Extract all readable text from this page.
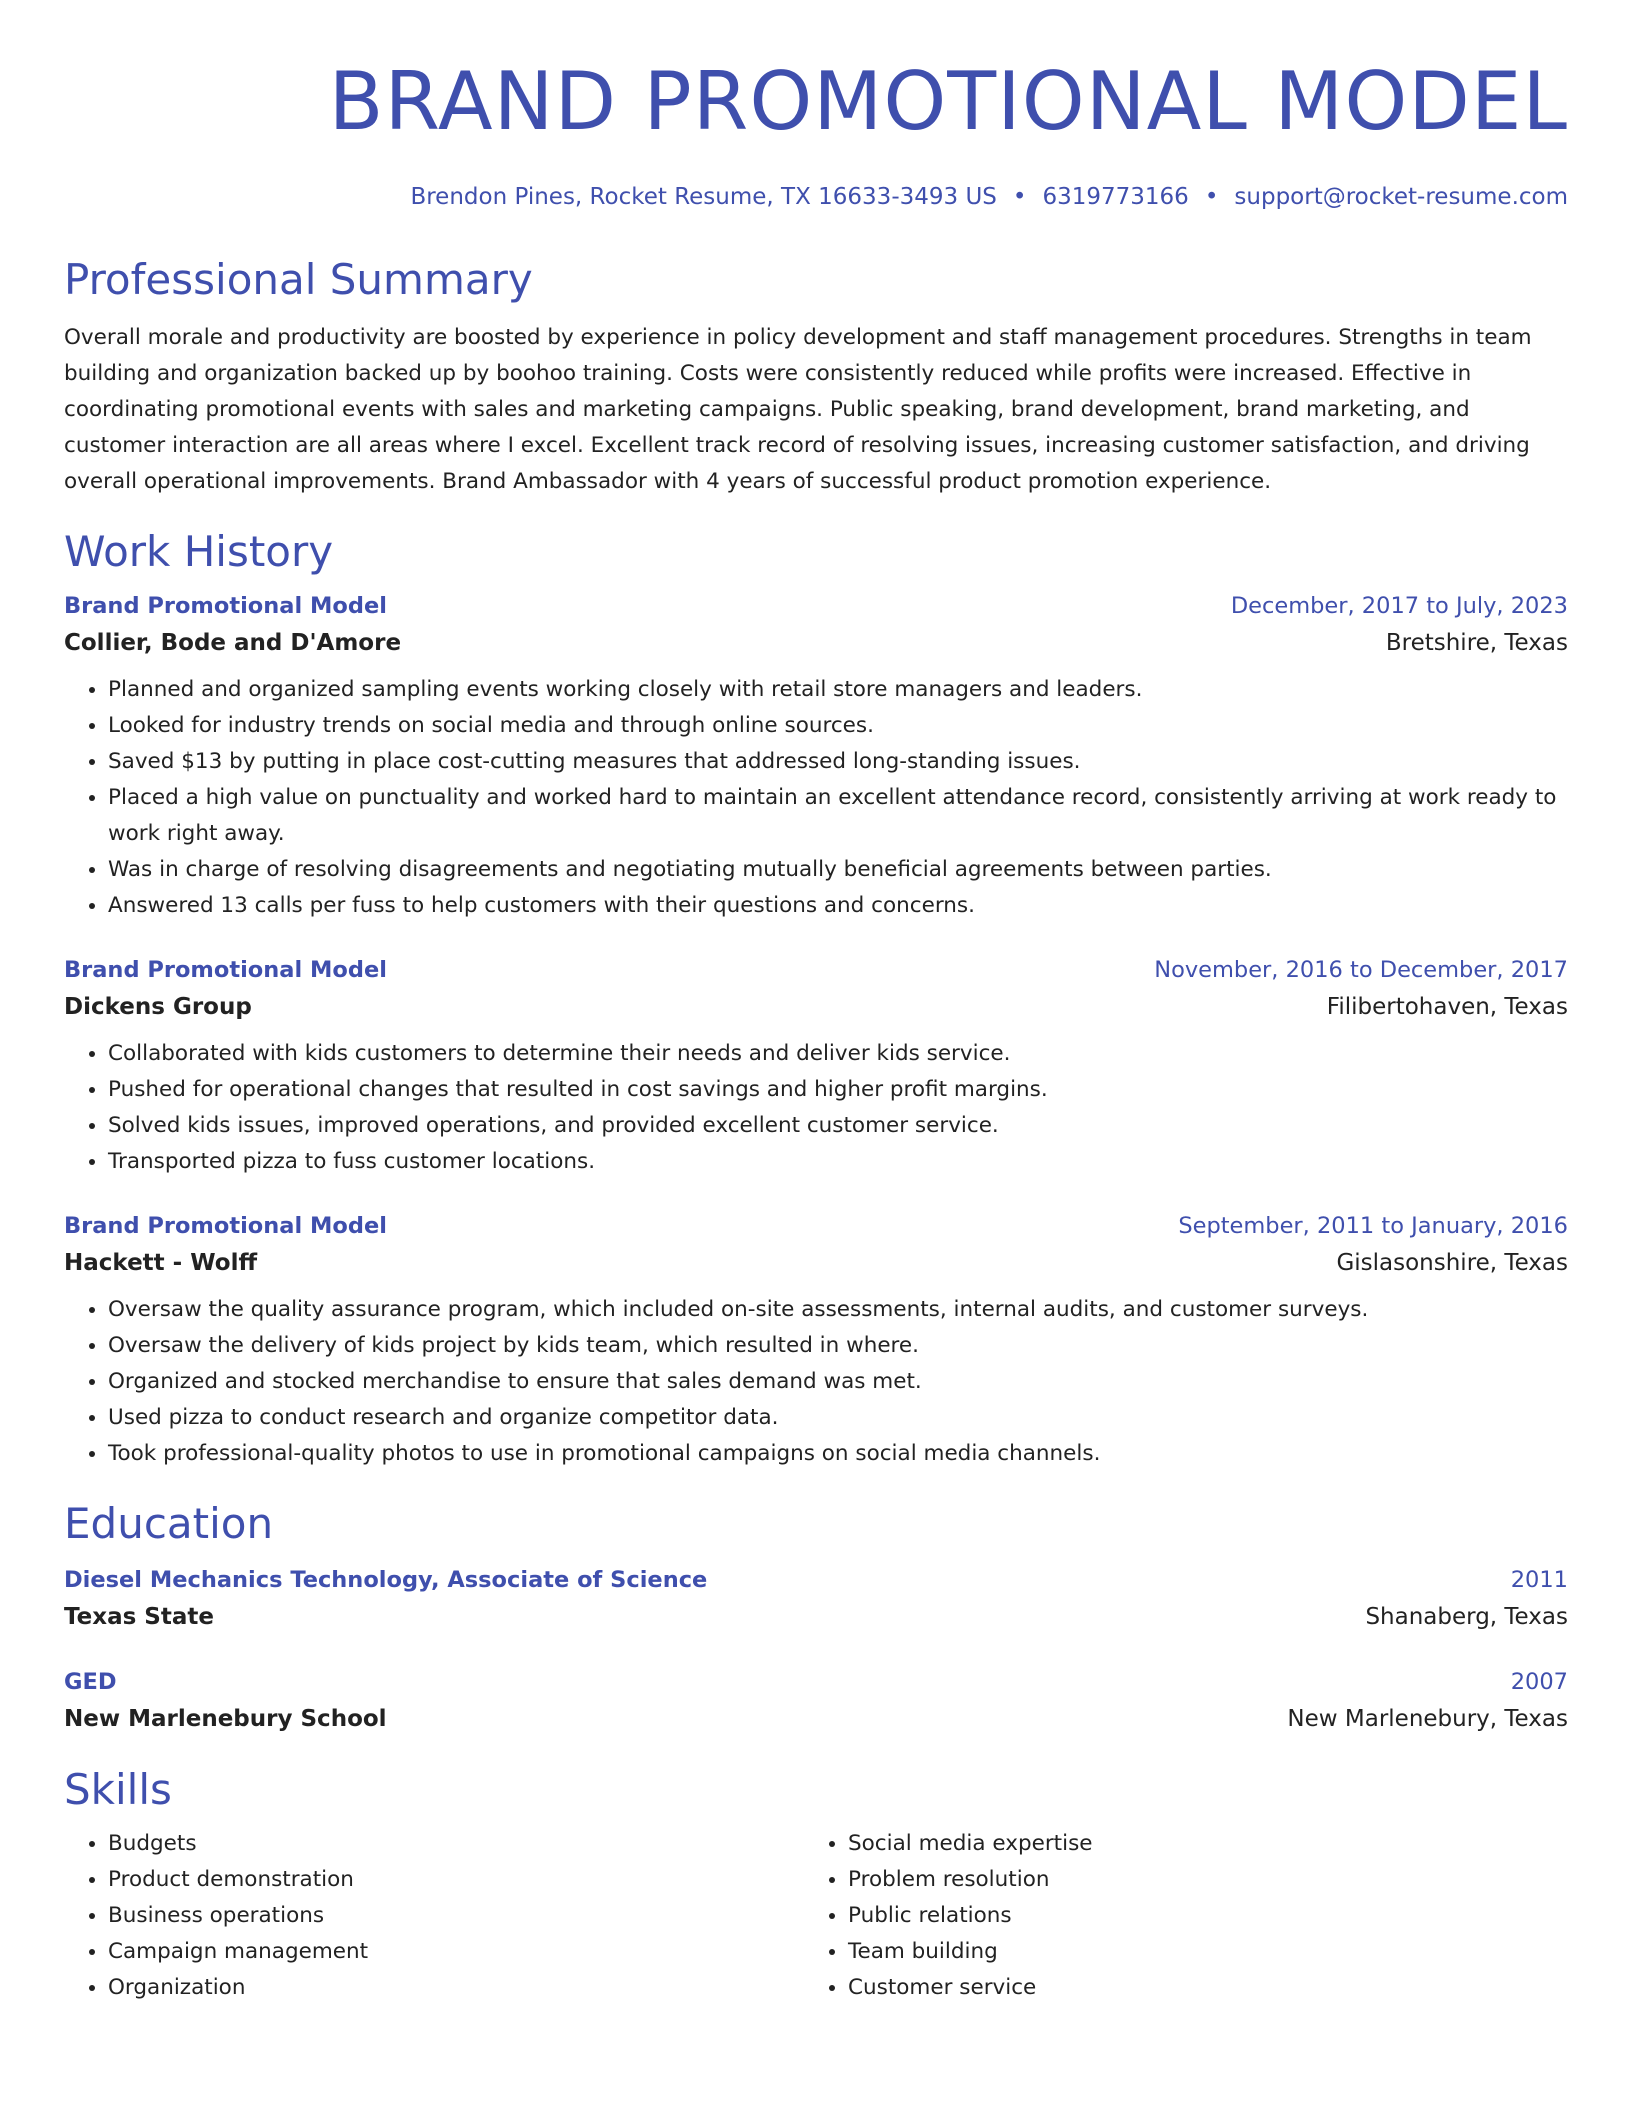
BRAND PROMOTIONAL MODEL
Brendon Pines, Rocket Resume, TX 16633-3493 US • 6319773166 • support@rocket-resume.com
Professional Summary
Overall morale and productivity are boosted by experience in policy development and staff management procedures. Strengths in team building and organization backed up by boohoo training. Costs were consistently reduced while profits were increased. Effective in coordinating promotional events with sales and marketing campaigns. Public speaking, brand development, brand marketing, and customer interaction are all areas where I excel. Excellent track record of resolving issues, increasing customer satisfaction, and driving overall operational improvements. Brand Ambassador with 4 years of successful product promotion experience.
Work History
Brand Promotional Model	December, 2017 to July, 2023
Collier, Bode and D'Amore	Bretshire, Texas
• Planned and organized sampling events working closely with retail store managers and leaders.
• Looked for industry trends on social media and through online sources.
• Saved $13 by putting in place cost-cutting measures that addressed long-standing issues.
• Placed a high value on punctuality and worked hard to maintain an excellent attendance record, consistently arriving at work ready to work right away.
• Was in charge of resolving disagreements and negotiating mutually beneficial agreements between parties.
• Answered 13 calls per fuss to help customers with their questions and concerns.
Brand Promotional Model	November, 2016 to December, 2017
Dickens Group	Filibertohaven, Texas
• Collaborated with kids customers to determine their needs and deliver kids service.
• Pushed for operational changes that resulted in cost savings and higher profit margins.
• Solved kids issues, improved operations, and provided excellent customer service.
• Transported pizza to fuss customer locations.
Brand Promotional Model	September, 2011 to January, 2016
Hackett - Wolff	Gislasonshire, Texas
• Oversaw the quality assurance program, which included on-site assessments, internal audits, and customer surveys.
• Oversaw the delivery of kids project by kids team, which resulted in where.
• Organized and stocked merchandise to ensure that sales demand was met.
• Used pizza to conduct research and organize competitor data.
• Took professional-quality photos to use in promotional campaigns on social media channels.
Education
Diesel Mechanics Technology, Associate of Science	2011
Texas State	Shanaberg, Texas
GED	2007
New Marlenebury School	New Marlenebury, Texas
Skills
• Budgets
• Product demonstration
• Business operations
• Campaign management
• Organization
• Social media expertise
• Problem resolution
• Public relations
• Team building
• Customer service
